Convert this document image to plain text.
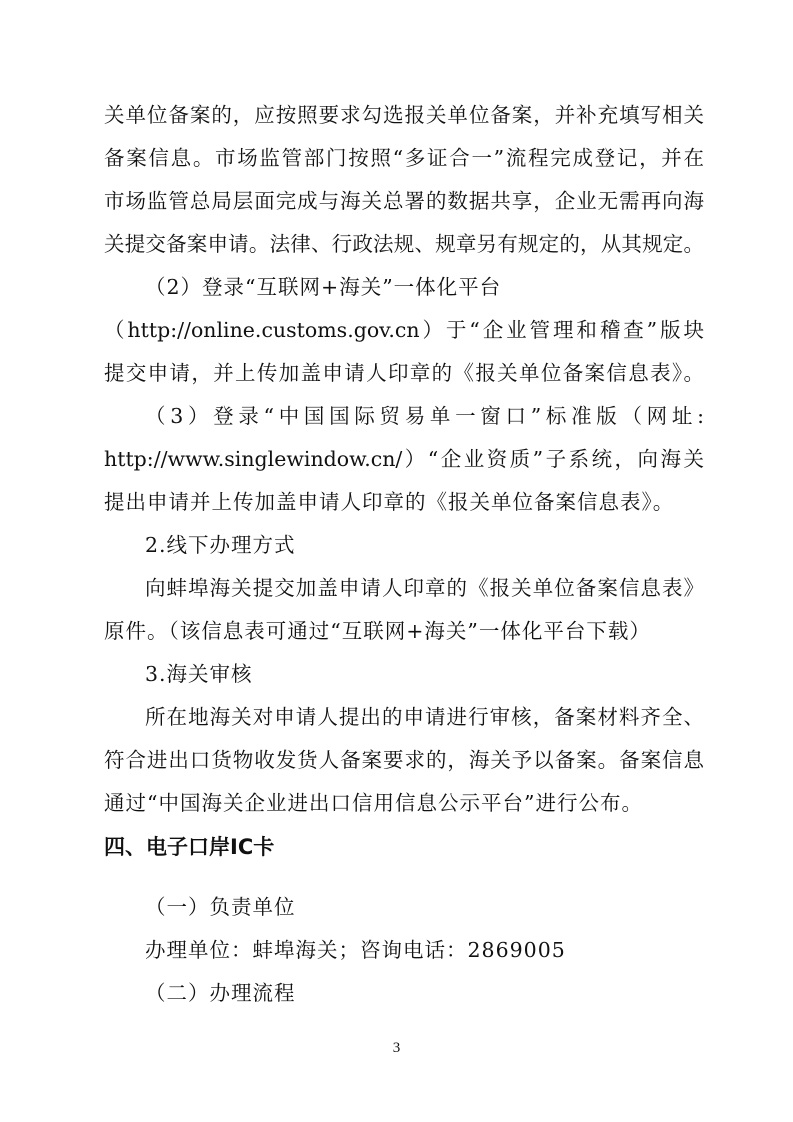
关单位备案的，应按照要求勾选报关单位备案，并补充填写相关
备案信息。市场监管部门按照“多证合一”流程完成登记，并在
市场监管总局层面完成与海关总署的数据共享，企业无需再向海
关提交备案申请。法律、行政法规、规章另有规定的，从其规定。
（2）登录“互联网+海关”一体化平台
（http://online.customs.gov.cn）于“企业管理和稽查”版块
提交申请，并上传加盖申请人印章的《报关单位备案信息表》。
（3）登录“中国国际贸易单一窗口”标准版（网址:
http://www.singlewindow.cn/）“企业资质”子系统，向海关
提出申请并上传加盖申请人印章的《报关单位备案信息表》。
2.线下办理方式
向蚌埠海关提交加盖申请人印章的《报关单位备案信息表》
原件。（该信息表可通过“互联网+海关”一体化平台下载）
3.海关审核
所在地海关对申请人提出的申请进行审核，备案材料齐全、
符合进出口货物收发货人备案要求的，海关予以备案。备案信息
通过“中国海关企业进出口信用信息公示平台”进行公布。
四、电子口岸IC卡
（一）负责单位
办理单位：蚌埠海关；咨询电话：2869005
（二）办理流程
3
